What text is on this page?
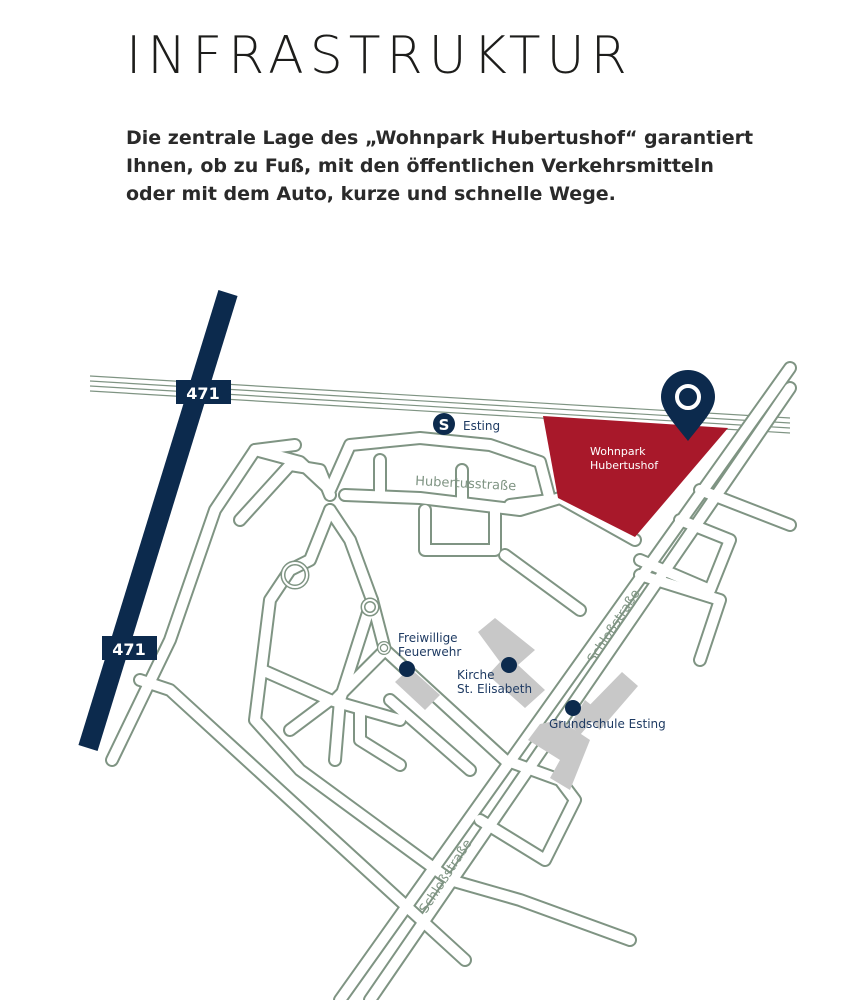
INFRASTRUKTUR

Die zentrale Lage des „Wohnpark Hubertushof“ garantiert Ihnen, ob zu Fuß, mit den öffentlichen Verkehrsmitteln oder mit dem Auto, kurze und schnelle Wege.

Wohnpark
Hubertushof
471
471
S Esting
Hubertusstraße
Schloßstraße
Schloßstraße
Freiwillige
Feuerwehr
Kirche
St. Elisabeth
Grundschule Esting
